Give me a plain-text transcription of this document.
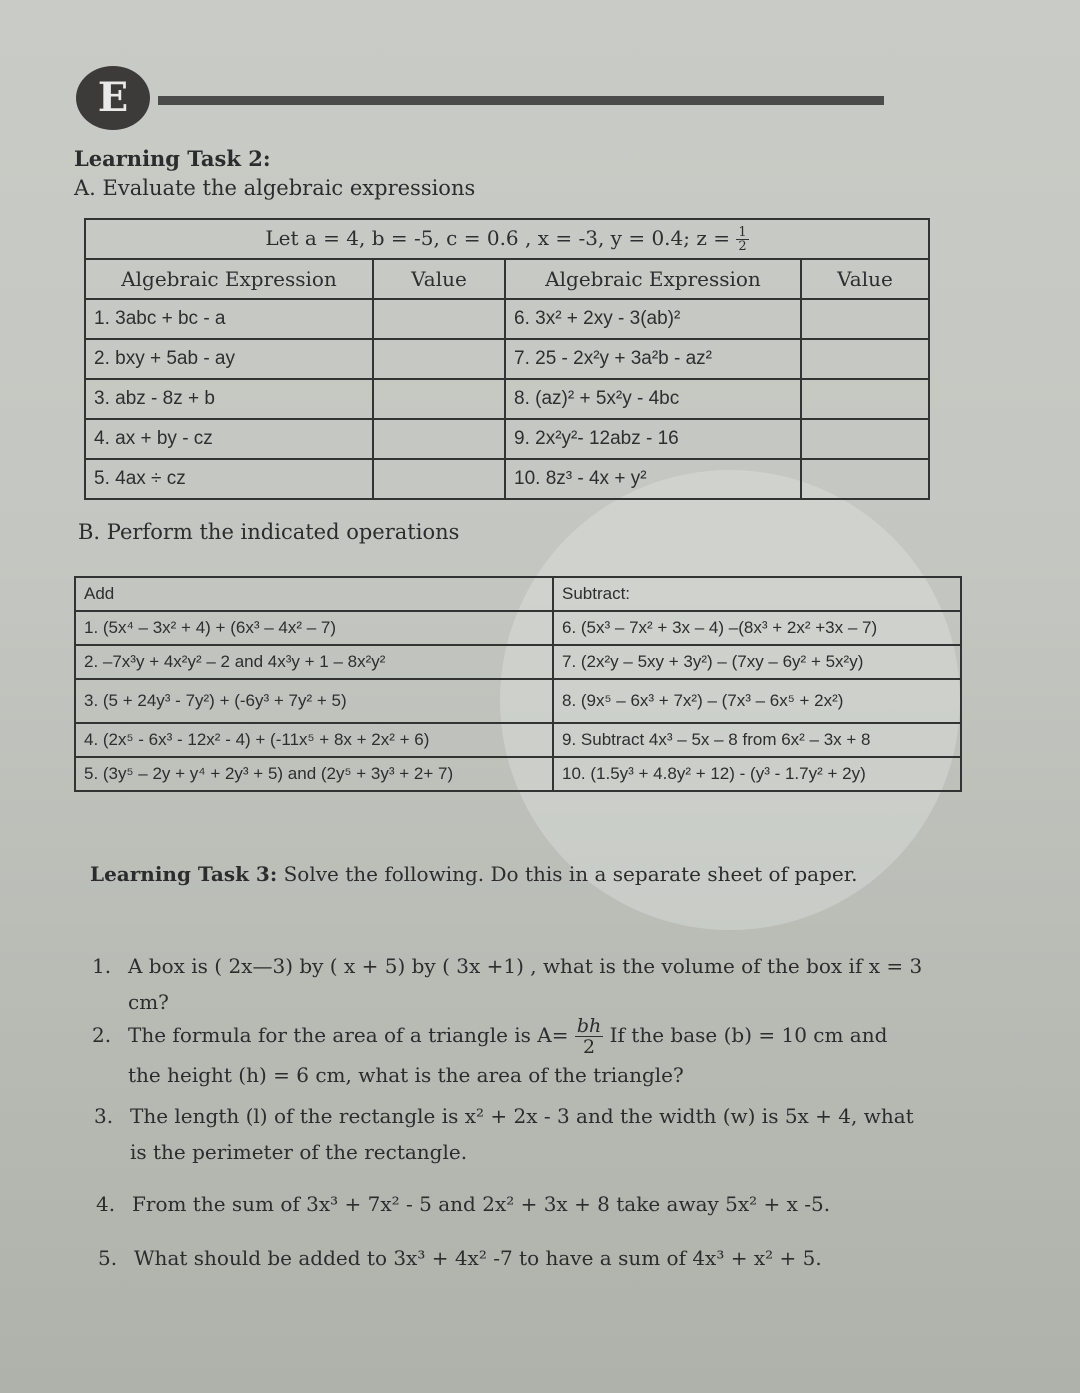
E
Learning Task 2:
A. Evaluate the algebraic expressions
Let a = 4, b = -5, c = 0.6 , x = -3, y = 0.4; $z = \frac{1}{2}$

Algebraic Expression	Value	Algebraic Expression	Value
1. 3abc + bc - a		6. 3x² + 2xy - 3(ab)²	
2. bxy + 5ab - ay		7. 25 - 2x²y + 3a²b - az²	
3. abz - 8z + b		8. (az)² + 5x²y - 4bc	
4. ax + by - cz		9. 2x²y²- 12abz - 16	
5. 4ax ÷ cz		10. 8z³ - 4x + y²	
B. Perform the indicated operations
Add	Subtract:
1. (5x⁴ – 3x² + 4) + (6x³ – 4x² – 7)	6. (5x³ – 7x² + 3x – 4) –(8x³ + 2x² +3x – 7)
2. –7x³y + 4x²y² – 2 and 4x³y + 1 – 8x²y²	7. (2x²y – 5xy + 3y²) – (7xy – 6y² + 5x²y)
3. (5 + 24y³ - 7y²) + (-6y³ + 7y² + 5)	8. (9x⁵ – 6x³ + 7x²) – (7x³ – 6x⁵ + 2x²)
4. (2x⁵ - 6x³ - 12x² - 4) + (-11x⁵ + 8x + 2x² + 6)	9. Subtract 4x³ – 5x – 8 from 6x² – 3x + 8
5. (3y⁵ – 2y + y⁴ + 2y³ + 5) and (2y⁵ + 3y³ + 2+ 7)	10. (1.5y³ + 4.8y² + 12) - (y³ - 1.7y² + 2y)
Learning Task 3: Solve the following. Do this in a separate sheet of paper.
1. A box is ( 2x—3) by ( x + 5) by ( 3x +1) , what is the volume of the box if x = 3
cm?
2. The formula for the area of a triangle is $A= \frac{bh}{2}$ If the base (b) = 10 cm and
the height (h) = 6 cm, what is the area of the triangle?
3. The length (l) of the rectangle is x² + 2x - 3 and the width (w) is 5x + 4, what
is the perimeter of the rectangle.
4. From the sum of 3x³ + 7x² - 5 and 2x² + 3x + 8 take away 5x² + x -5.
5. What should be added to 3x³ + 4x² -7 to have a sum of 4x³ + x² + 5.
